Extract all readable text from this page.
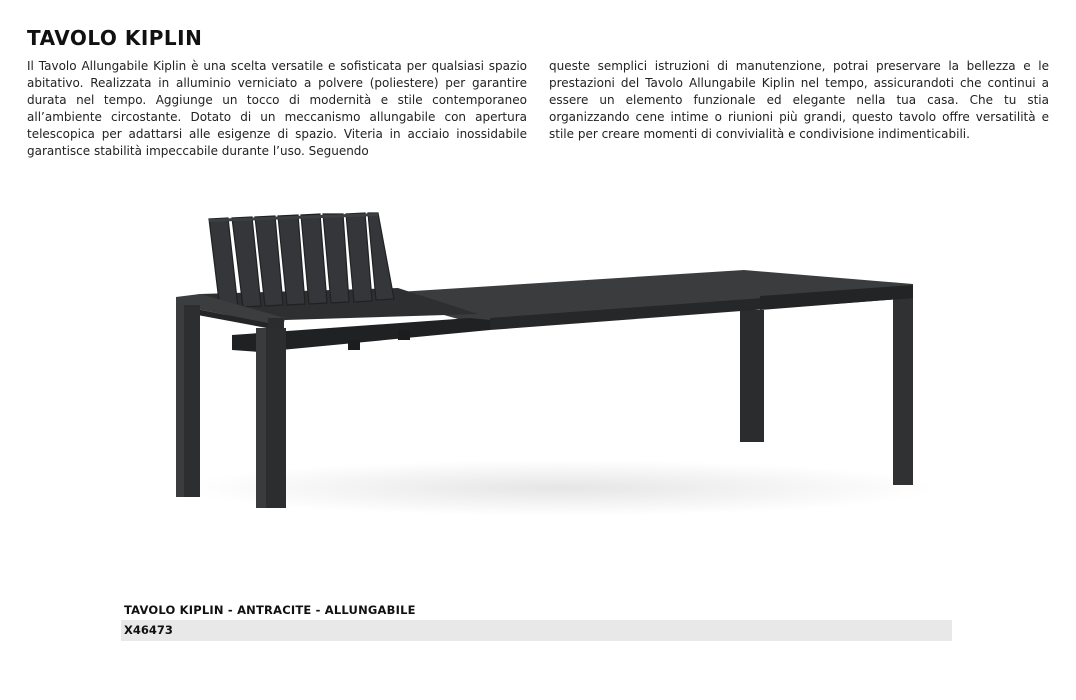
TAVOLO KIPLIN
Il Tavolo Allungabile Kiplin è una scelta versatile e sofisticata per qualsiasi spazio abitativo. Realizzata in alluminio verniciato a polvere (poliestere) per garantire durata nel tempo. Aggiunge un tocco di modernità e stile contemporaneo all’ambiente circostante. Dotato di un meccanismo allungabile con apertura telescopica per adattarsi alle esigenze di spazio. Viteria in acciaio inossidabile garantisce stabilità impeccabile durante l’uso. Seguendo
queste semplici istruzioni di manutenzione, potrai preservare la bellezza e le prestazioni del Tavolo Allungabile Kiplin nel tempo, assicurandoti che continui a essere un elemento funzionale ed elegante nella tua casa. Che tu stia organizzando cene intime o riunioni più grandi, questo tavolo offre versatilità e stile per creare momenti di convivialità e condivisione indimenticabili.
TAVOLO KIPLIN - ANTRACITE - ALLUNGABILE
X46473
